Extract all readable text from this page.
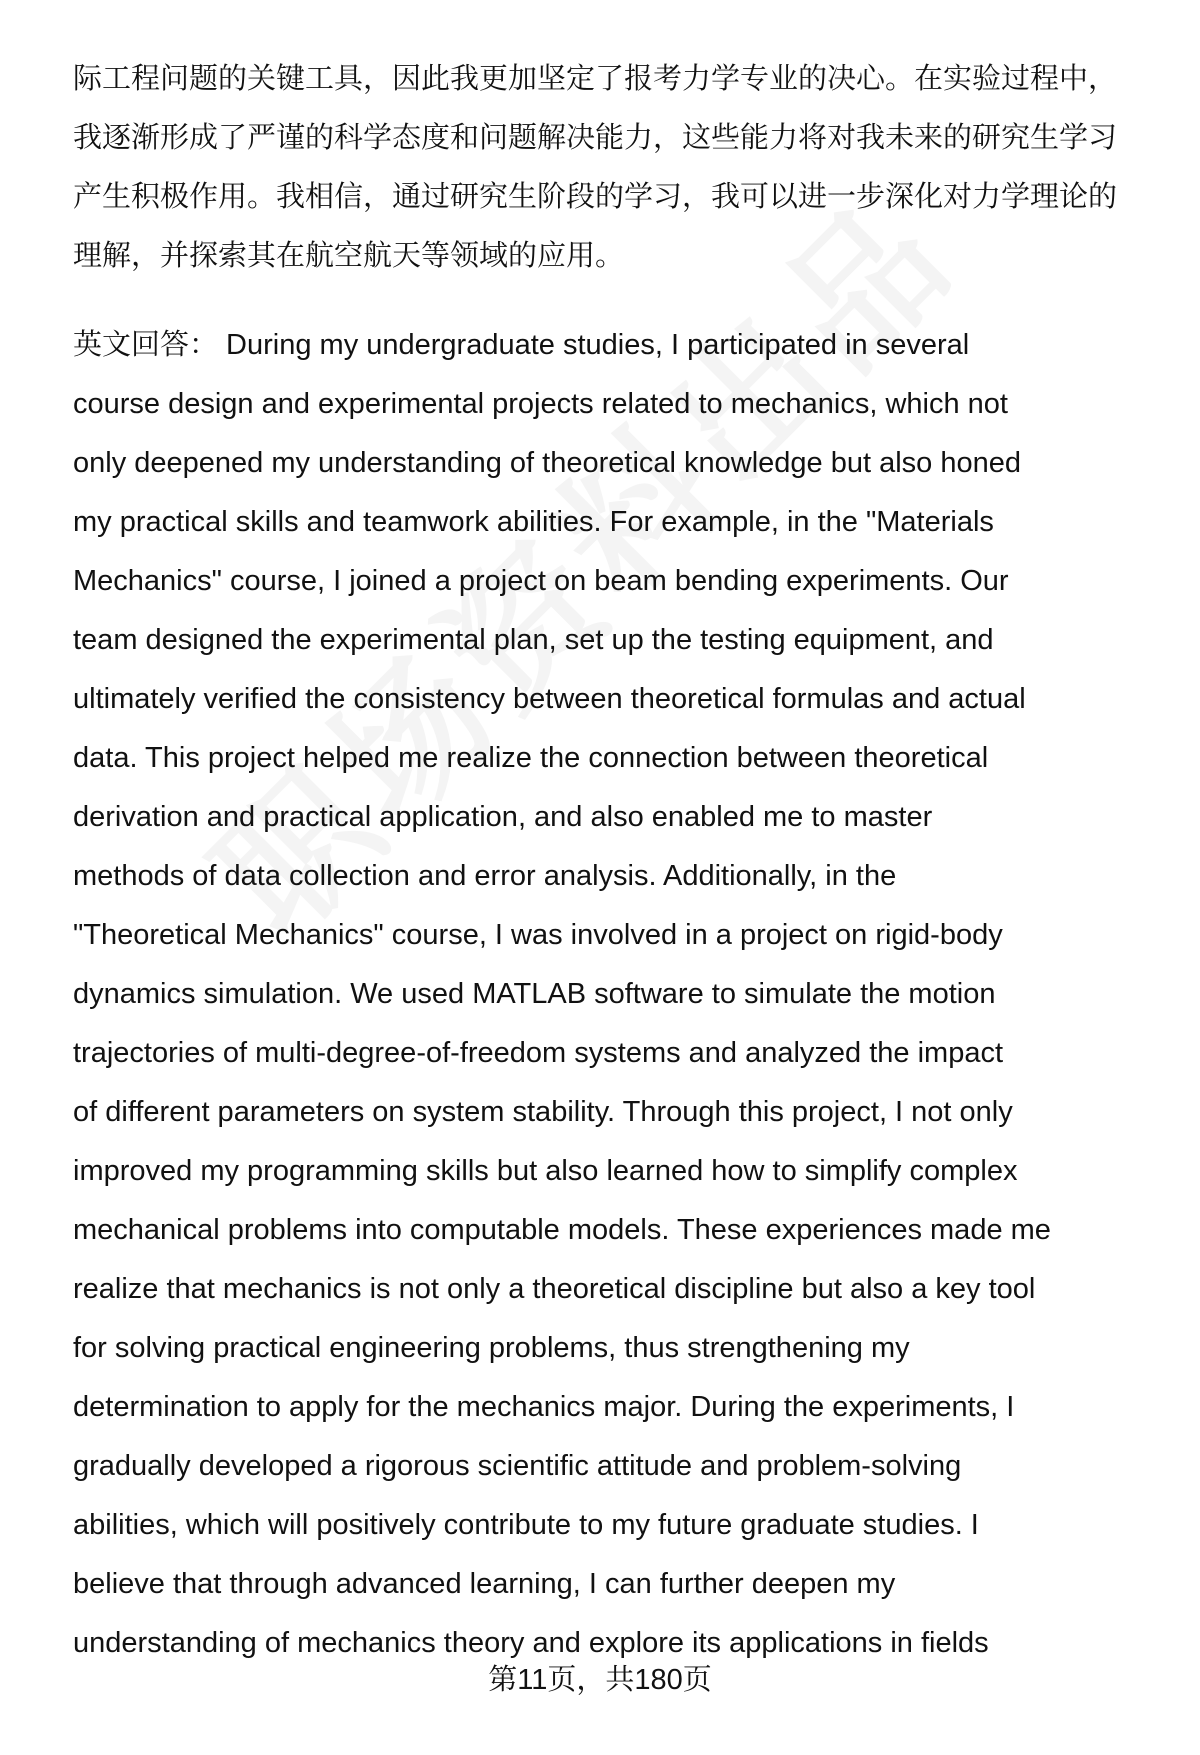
际工程问题的关键工具，因此我更加坚定了报考力学专业的决心。在实验过程中，
我逐渐形成了严谨的科学态度和问题解决能力，这些能力将对我未来的研究生学习
产生积极作用。我相信，通过研究生阶段的学习，我可以进一步深化对力学理论的
理解，并探索其在航空航天等领域的应用。
英文回答： During my undergraduate studies, I participated in several
course design and experimental projects related to mechanics, which not
only deepened my understanding of theoretical knowledge but also honed
my practical skills and teamwork abilities. For example, in the "Materials
Mechanics" course, I joined a project on beam bending experiments. Our
team designed the experimental plan, set up the testing equipment, and
ultimately verified the consistency between theoretical formulas and actual
data. This project helped me realize the connection between theoretical
derivation and practical application, and also enabled me to master
methods of data collection and error analysis. Additionally, in the
"Theoretical Mechanics" course, I was involved in a project on rigid-body
dynamics simulation. We used MATLAB software to simulate the motion
trajectories of multi-degree-of-freedom systems and analyzed the impact
of different parameters on system stability. Through this project, I not only
improved my programming skills but also learned how to simplify complex
mechanical problems into computable models. These experiences made me
realize that mechanics is not only a theoretical discipline but also a key tool
for solving practical engineering problems, thus strengthening my
determination to apply for the mechanics major. During the experiments, I
gradually developed a rigorous scientific attitude and problem-solving
abilities, which will positively contribute to my future graduate studies. I
believe that through advanced learning, I can further deepen my
understanding of mechanics theory and explore its applications in fields
第11页，共180页
